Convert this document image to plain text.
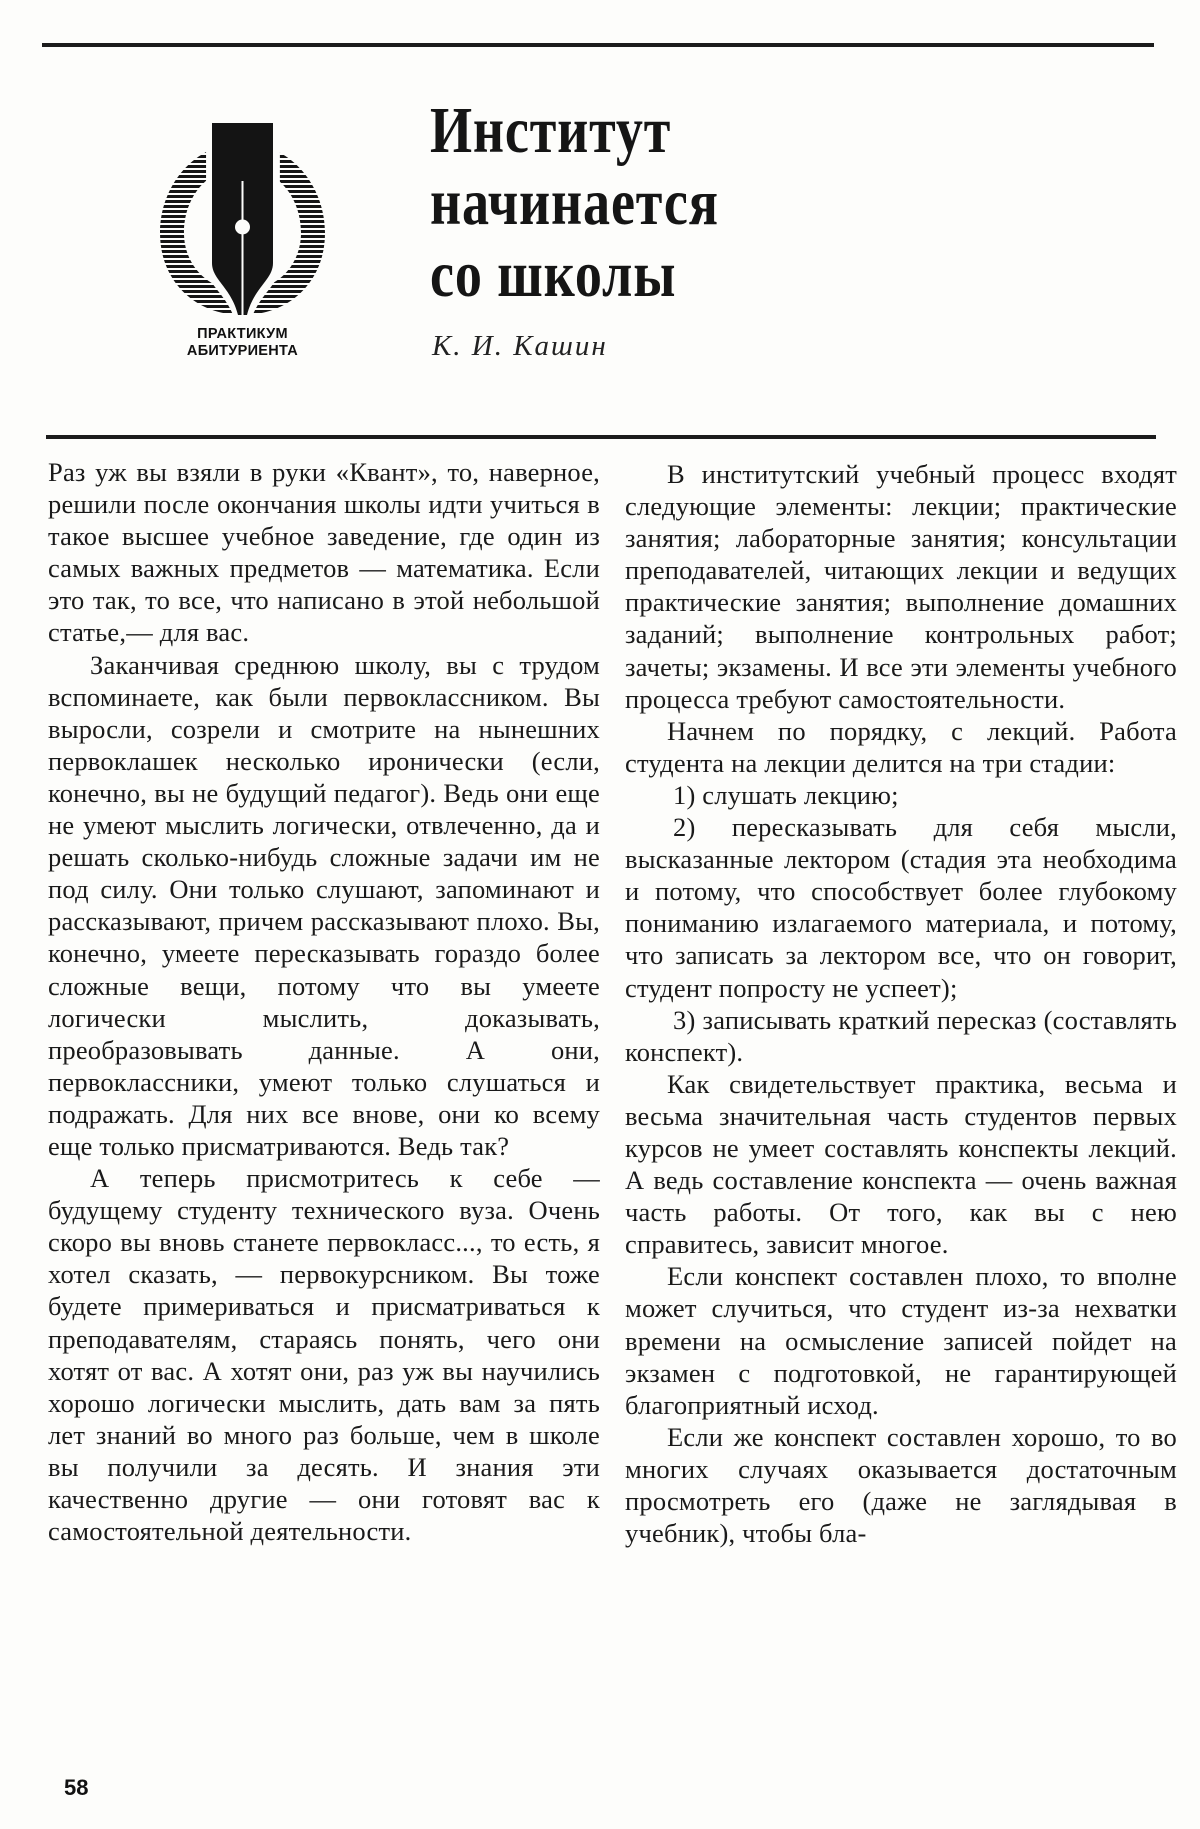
ПРАКТИКУМ
АБИТУРИЕНТА
Институт
начинается
со школы
К. И. Кашин

Раз уж вы взяли в руки «Квант», то, наверное, решили после окончания школы идти учиться в такое высшее учебное заведение, где один из самых важных предметов — математика. Если это так, то все, что написано в этой небольшой статье,— для вас.

Заканчивая среднюю школу, вы с трудом вспоминаете, как были первоклассником. Вы выросли, созрели и смотрите на нынешних первоклашек несколько иронически (если, конечно, вы не будущий педагог). Ведь они еще не умеют мыслить логически, отвлеченно, да и решать сколько-нибудь сложные задачи им не под силу. Они только слушают, запоминают и рассказывают, причем рассказывают плохо. Вы, конечно, умеете пересказывать гораздо более сложные вещи, потому что вы умеете логически мыслить, доказывать, преобразовывать данные. А они, первоклассники, умеют только слушаться и подражать. Для них все внове, они ко всему еще только присматриваются. Ведь так?

А теперь присмотритесь к себе — будущему студенту технического вуза. Очень скоро вы вновь станете первокласс..., то есть, я хотел сказать, — первокурсником. Вы тоже будете примериваться и присматриваться к преподавателям, стараясь понять, чего они хотят от вас. А хотят они, раз уж вы научились хорошо логически мыслить, дать вам за пять лет знаний во много раз больше, чем в школе вы получили за десять. И знания эти качественно другие — они готовят вас к самостоятельной деятельности.

В институтский учебный процесс входят следующие элементы: лекции; практические занятия; лабораторные занятия; консультации преподавателей, читающих лекции и ведущих практические занятия; выполнение домашних заданий; выполнение контрольных работ; зачеты; экзамены. И все эти элементы учебного процесса требуют самостоятельности.

Начнем по порядку, с лекций. Работа студента на лекции делится на три стадии:

1) слушать лекцию;

2) пересказывать для себя мысли, высказанные лектором (стадия эта необходима и потому, что способствует более глубокому пониманию излагаемого материала, и потому, что записать за лектором все, что он говорит, студент попросту не успеет);

3) записывать краткий пересказ (составлять конспект).

Как свидетельствует практика, весьма и весьма значительная часть студентов первых курсов не умеет составлять конспекты лекций. А ведь составление конспекта — очень важная часть работы. От того, как вы с нею справитесь, зависит многое.

Если конспект составлен плохо, то вполне может случиться, что студент из-за нехватки времени на осмысление записей пойдет на экзамен с подготовкой, не гарантирующей благоприятный исход.

Если же конспект составлен хорошо, то во многих случаях оказывается достаточным просмотреть его (даже не заглядывая в учебник), чтобы бла-

58
